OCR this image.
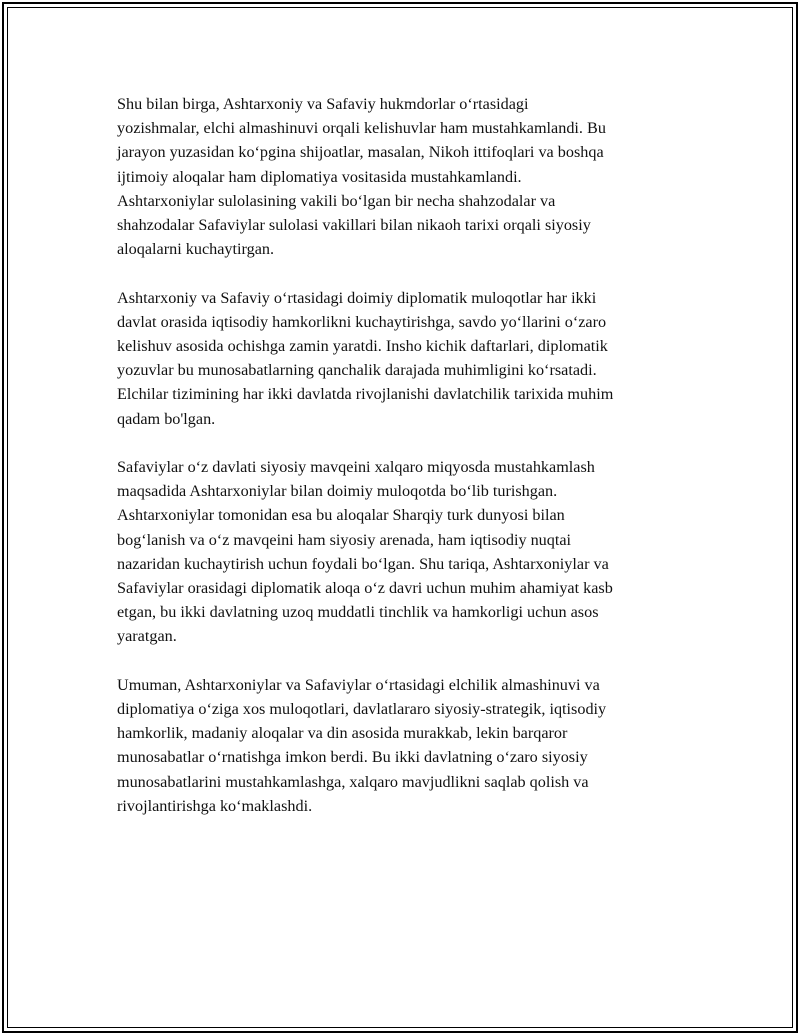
Shu bilan birga, Ashtarxoniy va Safaviy hukmdorlar oʻrtasidagi
yozishmalar, elchi almashinuvi orqali kelishuvlar ham mustahkamlandi. Bu
jarayon yuzasidan koʻpgina shijoatlar, masalan, Nikoh ittifoqlari va boshqa
ijtimoiy aloqalar ham diplomatiya vositasida mustahkamlandi.
Ashtarxoniylar sulolasining vakili boʻlgan bir necha shahzodalar va
shahzodalar Safaviylar sulolasi vakillari bilan nikaoh tarixi orqali siyosiy
aloqalarni kuchaytirgan.

Ashtarxoniy va Safaviy oʻrtasidagi doimiy diplomatik muloqotlar har ikki
davlat orasida iqtisodiy hamkorlikni kuchaytirishga, savdo yoʻllarini oʻzaro
kelishuv asosida ochishga zamin yaratdi. Insho kichik daftarlari, diplomatik
yozuvlar bu munosabatlarning qanchalik darajada muhimligini koʻrsatadi.
Elchilar tizimining har ikki davlatda rivojlanishi davlatchilik tarixida muhim
qadam bo'lgan.

Safaviylar oʻz davlati siyosiy mavqeini xalqaro miqyosda mustahkamlash
maqsadida Ashtarxoniylar bilan doimiy muloqotda boʻlib turishgan.
Ashtarxoniylar tomonidan esa bu aloqalar Sharqiy turk dunyosi bilan
bogʻlanish va oʻz mavqeini ham siyosiy arenada, ham iqtisodiy nuqtai
nazaridan kuchaytirish uchun foydali boʻlgan. Shu tariqa, Ashtarxoniylar va
Safaviylar orasidagi diplomatik aloqa oʻz davri uchun muhim ahamiyat kasb
etgan, bu ikki davlatning uzoq muddatli tinchlik va hamkorligi uchun asos
yaratgan.

Umuman, Ashtarxoniylar va Safaviylar oʻrtasidagi elchilik almashinuvi va
diplomatiya oʻziga xos muloqotlari, davlatlararo siyosiy-strategik, iqtisodiy
hamkorlik, madaniy aloqalar va din asosida murakkab, lekin barqaror
munosabatlar oʻrnatishga imkon berdi. Bu ikki davlatning oʻzaro siyosiy
munosabatlarini mustahkamlashga, xalqaro mavjudlikni saqlab qolish va
rivojlantirishga koʻmaklashdi.
